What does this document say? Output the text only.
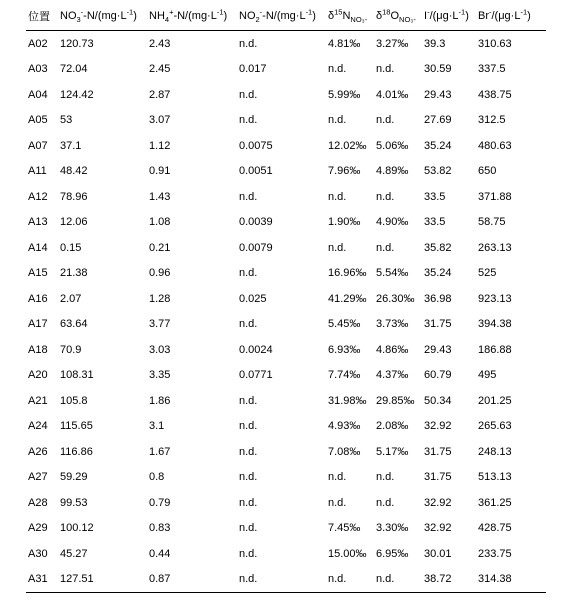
位置	$NO_3^--N/(mg\cdot L^{-1})$	$NH_4^+-N/(mg\cdot L^{-1})$	$NO_2^--N/(mg\cdot L^{-1})$	$\delta^{15}N_{NO_3-}$	$\delta^{18}O_{NO_3-}$	$I^-/(\mu g\cdot L^{-1})$	$Br^-/(\mu g\cdot L^{-1})$
A02	120.73	2.43	n.d.	4.81‰	3.27‰	39.3	310.63
A03	72.04	2.45	0.017	n.d.	n.d.	30.59	337.5
A04	124.42	2.87	n.d.	5.99‰	4.01‰	29.43	438.75
A05	53	3.07	n.d.	n.d.	n.d.	27.69	312.5
A07	37.1	1.12	0.0075	12.02‰	5.06‰	35.24	480.63
A11	48.42	0.91	0.0051	7.96‰	4.89‰	53.82	650
A12	78.96	1.43	n.d.	n.d.	n.d.	33.5	371.88
A13	12.06	1.08	0.0039	1.90‰	4.90‰	33.5	58.75
A14	0.15	0.21	0.0079	n.d.	n.d.	35.82	263.13
A15	21.38	0.96	n.d.	16.96‰	5.54‰	35.24	525
A16	2.07	1.28	0.025	41.29‰	26.30‰	36.98	923.13
A17	63.64	3.77	n.d.	5.45‰	3.73‰	31.75	394.38
A18	70.9	3.03	0.0024	6.93‰	4.86‰	29.43	186.88
A20	108.31	3.35	0.0771	7.74‰	4.37‰	60.79	495
A21	105.8	1.86	n.d.	31.98‰	29.85‰	50.34	201.25
A24	115.65	3.1	n.d.	4.93‰	2.08‰	32.92	265.63
A26	116.86	1.67	n.d.	7.08‰	5.17‰	31.75	248.13
A27	59.29	0.8	n.d.	n.d.	n.d.	31.75	513.13
A28	99.53	0.79	n.d.	n.d.	n.d.	32.92	361.25
A29	100.12	0.83	n.d.	7.45‰	3.30‰	32.92	428.75
A30	45.27	0.44	n.d.	15.00‰	6.95‰	30.01	233.75
A31	127.51	0.87	n.d.	n.d.	n.d.	38.72	314.38
